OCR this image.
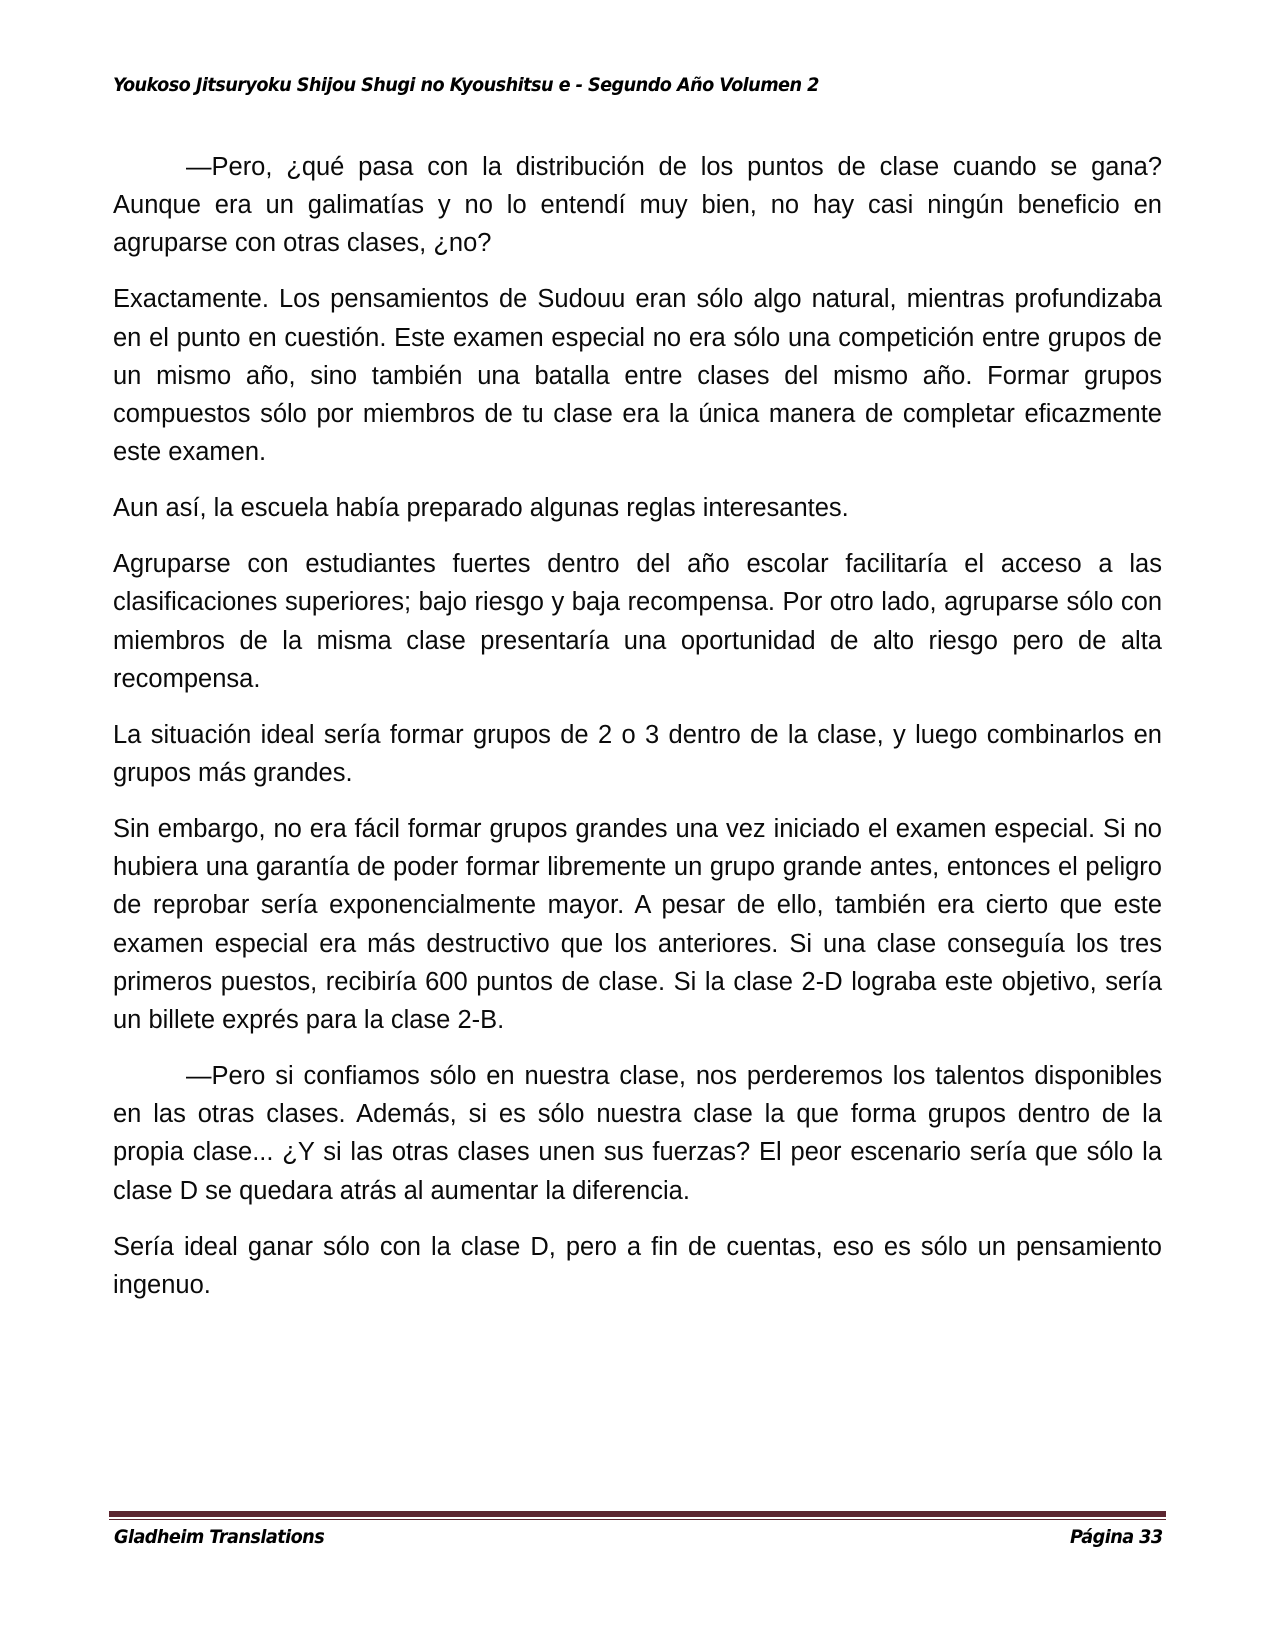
Youkoso Jitsuryoku Shijou Shugi no Kyoushitsu e - Segundo Año Volumen 2

—Pero, ¿qué pasa con la distribución de los puntos de clase cuando se gana? Aunque era un galimatías y no lo entendí muy bien, no hay casi ningún beneficio en agruparse con otras clases, ¿no?

Exactamente. Los pensamientos de Sudouu eran sólo algo natural, mientras profundizaba en el punto en cuestión. Este examen especial no era sólo una competición entre grupos de un mismo año, sino también una batalla entre clases del mismo año. Formar grupos compuestos sólo por miembros de tu clase era la única manera de completar eficazmente este examen.

Aun así, la escuela había preparado algunas reglas interesantes.

Agruparse con estudiantes fuertes dentro del año escolar facilitaría el acceso a las clasificaciones superiores; bajo riesgo y baja recompensa. Por otro lado, agruparse sólo con miembros de la misma clase presentaría una oportunidad de alto riesgo pero de alta recompensa.

La situación ideal sería formar grupos de 2 o 3 dentro de la clase, y luego combinarlos en grupos más grandes.

Sin embargo, no era fácil formar grupos grandes una vez iniciado el examen especial. Si no hubiera una garantía de poder formar libremente un grupo grande antes, entonces el peligro de reprobar sería exponencialmente mayor. A pesar de ello, también era cierto que este examen especial era más destructivo que los anteriores. Si una clase conseguía los tres primeros puestos, recibiría 600 puntos de clase. Si la clase 2-D lograba este objetivo, sería un billete exprés para la clase 2-B.

—Pero si confiamos sólo en nuestra clase, nos perderemos los talentos disponibles en las otras clases. Además, si es sólo nuestra clase la que forma grupos dentro de la propia clase... ¿Y si las otras clases unen sus fuerzas? El peor escenario sería que sólo la clase D se quedara atrás al aumentar la diferencia.

Sería ideal ganar sólo con la clase D, pero a fin de cuentas, eso es sólo un pensamiento ingenuo.

Gladheim Translations	Página 33
